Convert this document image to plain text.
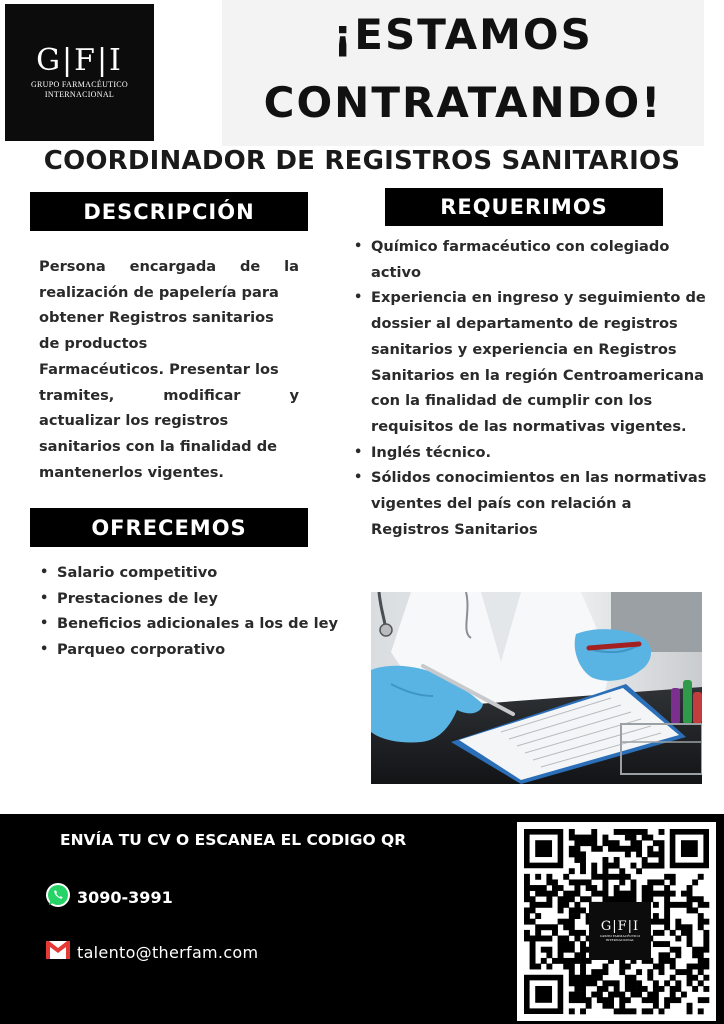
G|F|I
GRUPO FARMACÉUTICO
INTERNACIONAL
¡ESTAMOS
CONTRATANDO!
COORDINADOR DE REGISTROS SANITARIOS
DESCRIPCIÓN
Persona encargada de la
realización de papelería para
obtener Registros sanitarios
de productos
Farmacéuticos. Presentar los
tramites, modificar y
actualizar los registros
sanitarios con la finalidad de
mantenerlos vigentes.
REQUERIMOS
• Químico farmacéutico con colegiado activo
• Experiencia en ingreso y seguimiento de dossier al departamento de registros sanitarios y experiencia en Registros Sanitarios en la región Centroamericana con la finalidad de cumplir con los requisitos de las normativas vigentes.
• Inglés técnico.
• Sólidos conocimientos en las normativas vigentes del país con relación a Registros Sanitarios
OFRECEMOS
• Salario competitivo
• Prestaciones de ley
• Beneficios adicionales a los de ley
• Parqueo corporativo
ENVÍA TU CV O ESCANEA EL CODIGO QR
3090-3991
talento@therfam.com
G|F|I
GRUPO FARMACÉUTICO INTERNACIONAL
